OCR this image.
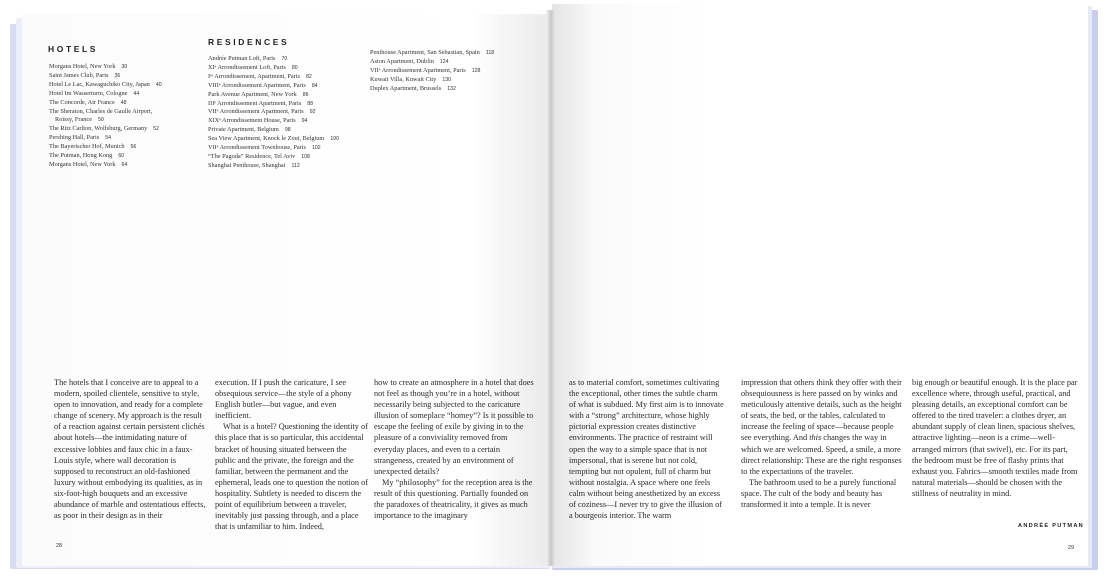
HOTELS
Morgans Hotel, New York 30
Saint James Club, Paris 36
Hotel Le Lac, Kawaguchiko City, Japan 40
Hotel Im Wasserturm, Cologne 44
The Concorde, Air France 48
The Sheraton, Charles de Gaulle Airport,
Roissy, France 50
The Ritz Carlton, Wolfsburg, Germany 52
Pershing Hall, Paris 54
The Bayerischer Hof, Munich 56
The Putman, Hong Kong 60
Morgans Hotel, New York 64
RESIDENCES
Andrée Putman Loft, Paris 70
XIᵉ Arrondissement Loft, Paris 80
Iᵉʳ Arrondissement, Apartment, Paris 82
VIIIᵉ Arrondissement Apartment, Paris 84
Park Avenue Apartment, New York 86
IIIᵉ Arrondissement Apartment, Paris 88
VIIᵉ Arrondissement Apartment, Paris 92
XIXᵉ Arrondissement House, Paris 94
Private Apartment, Belgium 98
Sea View Apartment, Knock le Zout, Belgium 100
VIIᵉ Arrondissement Townhouse, Paris 102
“The Pagoda” Residence, Tel Aviv 108
Shanghai Penthouse, Shanghai 112
Penthouse Apartment, San Sebastian, Spain 118
Aston Apartment, Dublin 124
VIIᵉ Arrondissement Apartment, Paris 128
Kuwait Villa, Kuwait City 130
Duplex Apartment, Brussels 132

The hotels that I conceive are to appeal to a modern, spoiled clientele, sensitive to style, open to innovation, and ready for a complete change of scenery. My approach is the result of a reaction against certain persistent clichés about hotels—the intimidating nature of excessive lobbies and faux chic in a faux-Louis style, where wall decoration is supposed to reconstruct an old-fashioned luxury without embodying its qualities, as in six-foot-high bouquets and an excessive abundance of marble and ostentatious effects, as poor in their design as in their

execution. If I push the caricature, I see obsequious service—the style of a phony English butler—but vague, and even inefficient.

What is a hotel? Questioning the identity of this place that is so particular, this accidental bracket of housing situated between the public and the private, the foreign and the familiar, between the permanent and the ephemeral, leads one to question the notion of hospitality. Subtlety is needed to discern the point of equilibrium between a traveler, inevitably just passing through, and a place that is unfamiliar to him. Indeed,

how to create an atmosphere in a hotel that does not feel as though you’re in a hotel, without necessarily being subjected to the caricature illusion of someplace “homey”? Is it possible to escape the feeling of exile by giving in to the pleasure of a conviviality removed from everyday places, and even to a certain strangeness, created by an environment of unexpected details?

My “philosophy” for the reception area is the result of this questioning. Partially founded on the paradoxes of theatricality, it gives as much importance to the imaginary

as to material comfort, sometimes cultivating the exceptional, other times the subtle charm of what is subdued. My first aim is to innovate with a “strong” architecture, whose highly pictorial expression creates distinctive environments. The practice of restraint will open the way to a simple space that is not impersonal, that is serene but not cold, tempting but not opulent, full of charm but without nostalgia. A space where one feels calm without being anesthetized by an excess of coziness—I never try to give the illusion of a bourgeois interior. The warm

impression that others think they offer with their obsequiousness is here passed on by winks and meticulously attentive details, such as the height of seats, the bed, or the tables, calculated to increase the feeling of space—because people see everything. And this changes the way in which we are welcomed. Speed, a smile, a more direct relationship: These are the right responses to the expectations of the traveler.

The bathroom used to be a purely functional space. The cult of the body and beauty has transformed it into a temple. It is never

big enough or beautiful enough. It is the place par excellence where, through useful, practical, and pleasing details, an exceptional comfort can be offered to the tired traveler: a clothes dryer, an abundant supply of clean linen, spacious shelves, attractive lighting—neon is a crime—well-arranged mirrors (that swivel), etc. For its part, the bedroom must be free of flashy prints that exhaust you. Fabrics—smooth textiles made from natural materials—should be chosen with the stillness of neutrality in mind.

ANDRÉE PUTMAN
28	29
